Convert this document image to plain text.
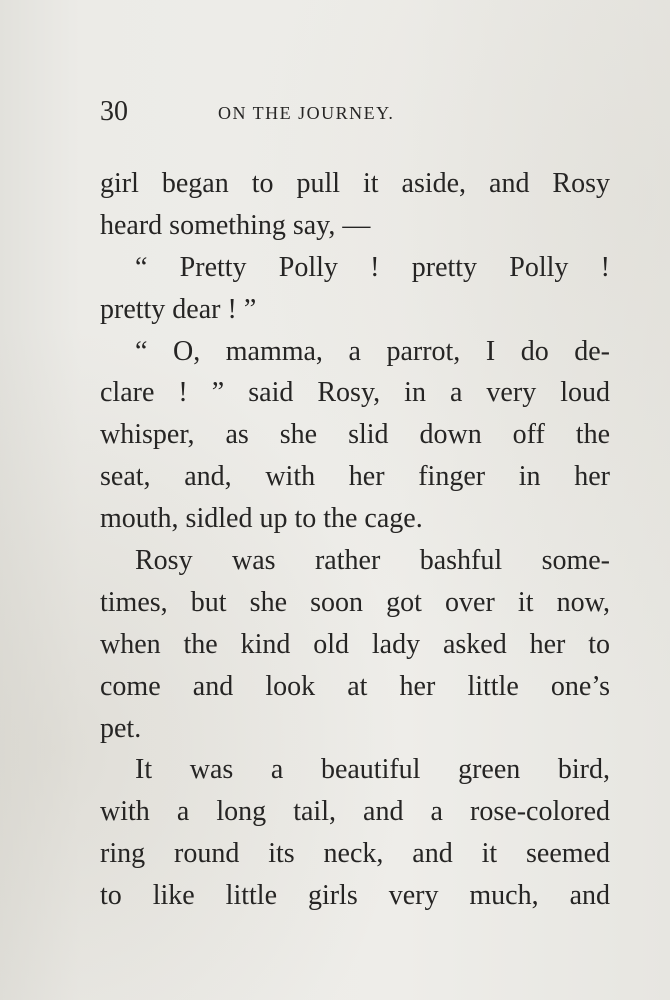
30	ON THE JOURNEY.
girl began to pull it aside, and Rosy
heard something say, —
“ Pretty Polly ! pretty Polly !
pretty dear ! ”
“ O, mamma, a parrot, I do de-
clare ! ” said Rosy, in a very loud
whisper, as she slid down off the
seat, and, with her finger in her
mouth, sidled up to the cage.
Rosy was rather bashful some-
times, but she soon got over it now,
when the kind old lady asked her to
come and look at her little one’s
pet.
It was a beautiful green bird,
with a long tail, and a rose-colored
ring round its neck, and it seemed
to like little girls very much, and
